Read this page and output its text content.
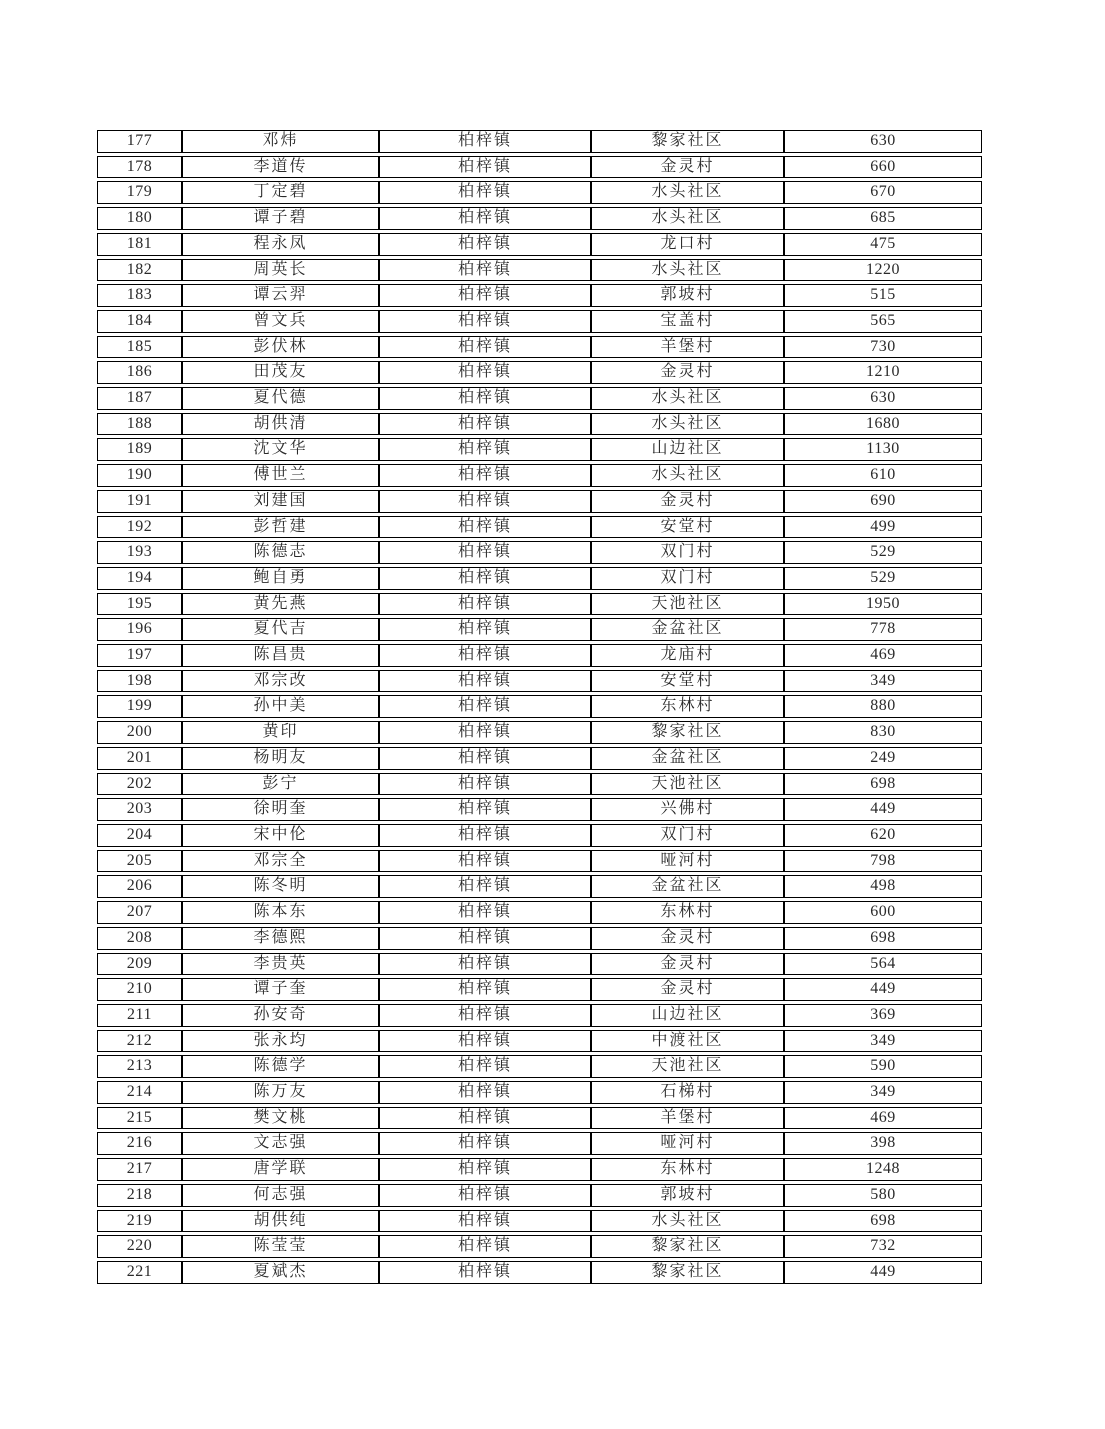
177	邓炜	柏梓镇	黎家社区	630
178	李道传	柏梓镇	金灵村	660
179	丁定碧	柏梓镇	水头社区	670
180	谭子碧	柏梓镇	水头社区	685
181	程永凤	柏梓镇	龙口村	475
182	周英长	柏梓镇	水头社区	1220
183	谭云羿	柏梓镇	郭坡村	515
184	曾文兵	柏梓镇	宝盖村	565
185	彭伏林	柏梓镇	羊堡村	730
186	田茂友	柏梓镇	金灵村	1210
187	夏代德	柏梓镇	水头社区	630
188	胡供清	柏梓镇	水头社区	1680
189	沈文华	柏梓镇	山边社区	1130
190	傅世兰	柏梓镇	水头社区	610
191	刘建国	柏梓镇	金灵村	690
192	彭哲建	柏梓镇	安堂村	499
193	陈德志	柏梓镇	双门村	529
194	鲍自勇	柏梓镇	双门村	529
195	黄先燕	柏梓镇	天池社区	1950
196	夏代吉	柏梓镇	金盆社区	778
197	陈昌贵	柏梓镇	龙庙村	469
198	邓宗改	柏梓镇	安堂村	349
199	孙中美	柏梓镇	东林村	880
200	黄印	柏梓镇	黎家社区	830
201	杨明友	柏梓镇	金盆社区	249
202	彭宁	柏梓镇	天池社区	698
203	徐明奎	柏梓镇	兴佛村	449
204	宋中伦	柏梓镇	双门村	620
205	邓宗全	柏梓镇	哑河村	798
206	陈冬明	柏梓镇	金盆社区	498
207	陈本东	柏梓镇	东林村	600
208	李德熙	柏梓镇	金灵村	698
209	李贵英	柏梓镇	金灵村	564
210	谭子奎	柏梓镇	金灵村	449
211	孙安奇	柏梓镇	山边社区	369
212	张永均	柏梓镇	中渡社区	349
213	陈德学	柏梓镇	天池社区	590
214	陈万友	柏梓镇	石梯村	349
215	樊文桃	柏梓镇	羊堡村	469
216	文志强	柏梓镇	哑河村	398
217	唐学联	柏梓镇	东林村	1248
218	何志强	柏梓镇	郭坡村	580
219	胡供纯	柏梓镇	水头社区	698
220	陈莹莹	柏梓镇	黎家社区	732
221	夏斌杰	柏梓镇	黎家社区	449
